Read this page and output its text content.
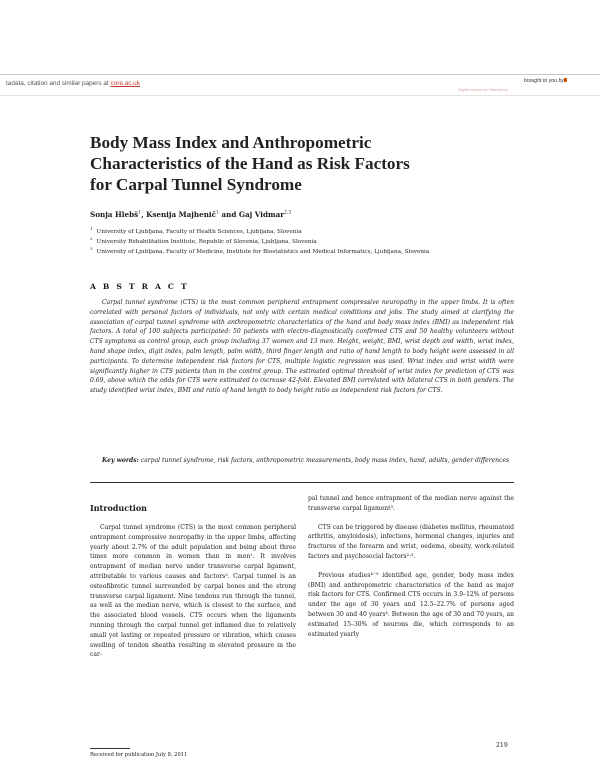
tadata, citation and similar papers at core.ac.uk	brought to you by
Digital Academic Repository
Body Mass Index and Anthropometric
Characteristics of the Hand as Risk Factors
for Carpal Tunnel Syndrome
Sonja Hlebš$^1$, Ksenija Majhenič$^1$ and Gaj Vidmar$^{2,3}$
$^1$University of Ljubljana, Faculty of Health Sciences, Ljubljana, Slovenia
$^2$University Rehabilitation Institute, Republic of Slovenia, Ljubljana, Slovenia
$^3$University of Ljubljana, Faculty of Medicine, Institute for Biostatistics and Medical Informatics, Ljubljana, Slovenia
A B S T R A C T
Carpal tunnel syndrome (CTS) is the most common peripheral entrapment compressive neuropathy in the upper limbs. It is often correlated with personal factors of individuals, not only with certain medical conditions and jobs. The study aimed at clarifying the association of carpal tunnel syndrome with anthropometric characteristics of the hand and body mass index (BMI) as independent risk factors. A total of 100 subjects participated: 50 patients with electro-diagnostically confirmed CTS and 50 healthy volunteers without CTS symptoms as control group, each group including 37 women and 13 men. Height, weight, BMI, wrist depth and width, wrist index, hand shape index, digit index, palm length, palm width, third finger length and ratio of hand length to body height were assessed in all participants. To determine independent risk factors for CTS, multiple logistic regression was used. Wrist index and wrist width were significantly higher in CTS patients than in the control group. The estimated optimal threshold of wrist index for prediction of CTS was 0.69, above which the odds for CTS were estimated to increase 42-fold. Elevated BMI correlated with bilateral CTS in both genders. The study identified wrist index, BMI and ratio of hand length to body height ratio as independent risk factors for CTS.
Key words: carpal tunnel syndrome, risk factors, anthropometric measurements, body mass index, hand, adults, gender differences
Introduction

Carpal tunnel syndrome (CTS) is the most common peripheral entrapment compressive neuropathy in the upper limbs, affecting yearly about 2.7% of the adult population and being about three times more common in women than in men¹. It involves entrapment of median nerve under transverse carpal ligament, attributable to various causes and factors². Carpal tunnel is an osteofibrotic tunnel surrounded by carpal bones and the strong transverse carpal ligament. Nine tendons run through the tunnel, as well as the median nerve, which is closest to the surface, and the associated blood vessels. CTS occurs when the ligaments running through the carpal tunnel get inflamed due to relatively small yet lasting or repeated pressure or vibration, which causes swelling of tendon sheaths resulting in elevated pressure in the car-

pal tunnel and hence entrapment of the median nerve against the transverse carpal ligament³.

CTS can be triggered by disease (diabetes mellitus, rheumatoid arthritis, amyloidosis), infections, hormonal changes, injuries and fractures of the forearm and wrist, oedema, obesity, work-related factors and psychosocial factors²·³.

Previous studies⁴⁻⁹ identified age, gender, body mass index (BMI) and anthropometric characteristics of the hand as major risk factors for CTS. Confirmed CTS occurs in 3.9–12% of persons under the age of 30 years and 12.5–22.7% of persons aged between 30 and 40 years⁴. Between the age of 30 and 70 years, an estimated 15–30% of neurons die, which corresponds to an estimated yearly

Received for publication July 8, 2011
219
